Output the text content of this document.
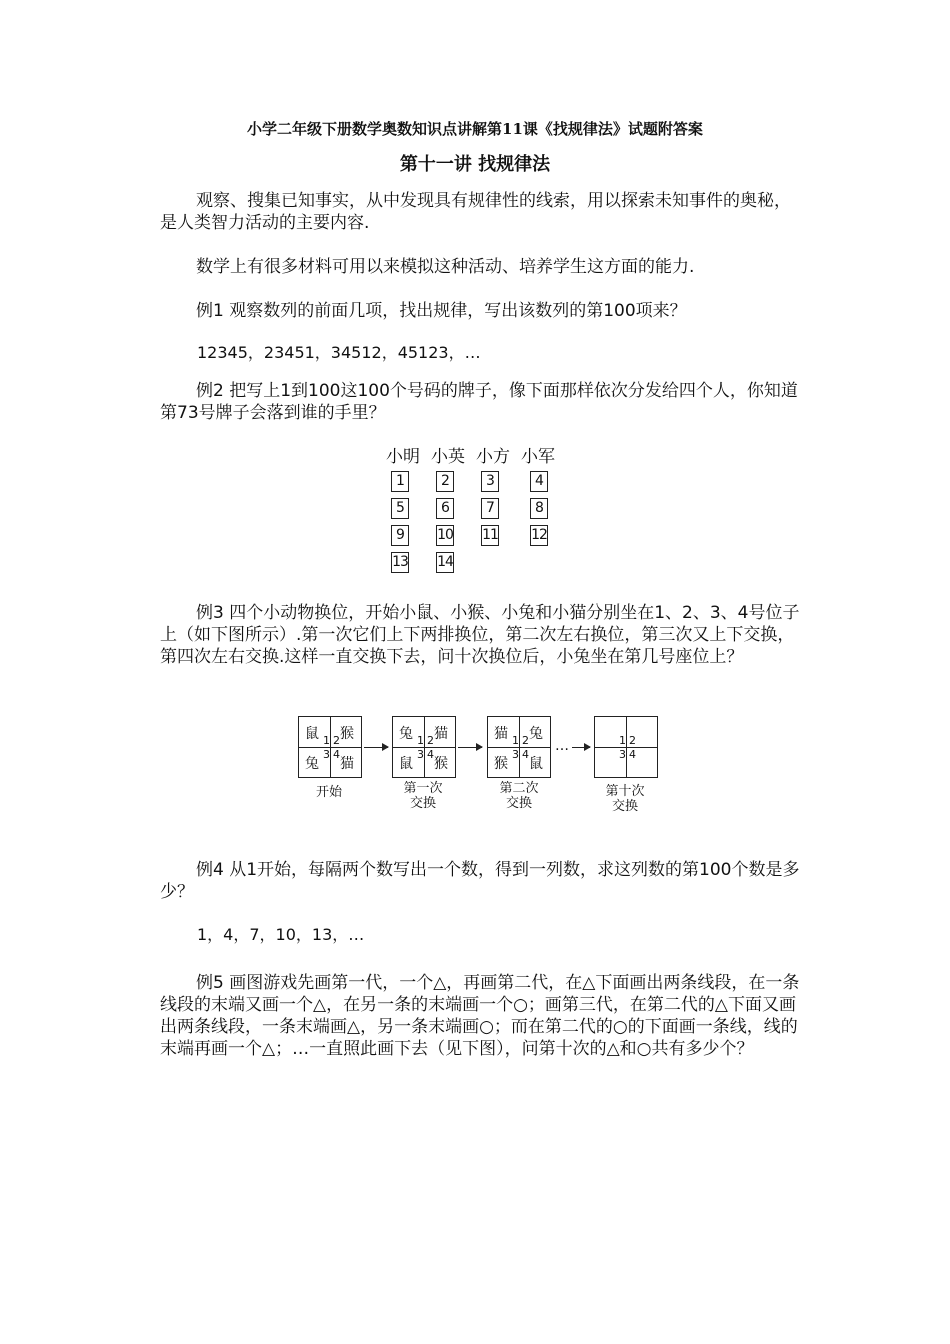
小学二年级下册数学奥数知识点讲解第11课《找规律法》试题附答案
第十一讲 找规律法
观察、搜集已知事实，从中发现具有规律性的线索，用以探索未知事件的奥秘，是人类智力活动的主要内容.
数学上有很多材料可用以来模拟这种活动、培养学生这方面的能力.
例1 观察数列的前面几项，找出规律，写出该数列的第100项来？
12345，23451，34512，45123，…
例2 把写上1到100这100个号码的牌子，像下面那样依次分发给四个人，你知道第73号牌子会落到谁的手里？
小明 小英 小方 小军
1	2	3	4
5	6	7	8
9	10 11 12
13 14
例3 四个小动物换位，开始小鼠、小猴、小兔和小猫分别坐在1、2、3、4号位子上（如下图所示）.第一次它们上下两排换位，第二次左右换位，第三次又上下交换，第四次左右交换.这样一直交换下去，问十次换位后，小兔坐在第几号座位上？
鼠 猴
兔 猫
1 2
3 4
开始
兔 猫
鼠 猴
1 2
3 4
第一次
交换
猫 兔
猴 鼠
1 2
3 4
第二次
交换
…	1 2
3 4
第十次
交换
例4 从1开始，每隔两个数写出一个数，得到一列数，求这列数的第100个数是多少？
1，4，7，10，13，…
例5 画图游戏先画第一代，一个△，再画第二代，在△下面画出两条线段，在一条线段的末端又画一个△，在另一条的末端画一个○；画第三代，在第二代的△下面又画出两条线段，一条末端画△，另一条末端画○；而在第二代的○的下面画一条线，线的末端再画一个△；…一直照此画下去（见下图），问第十次的△和○共有多少个？
